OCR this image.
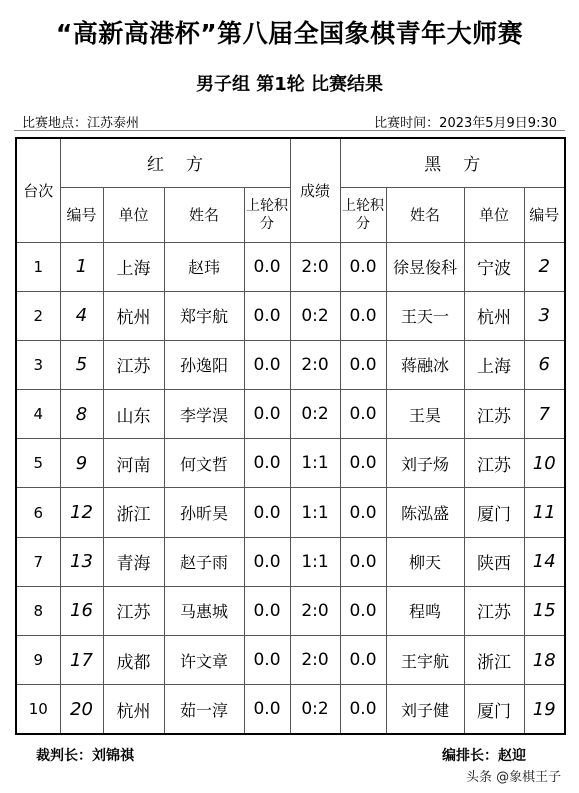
“高新高港杯”第八届全国象棋青年大师赛
男子组 第1轮 比赛结果
比赛地点：江苏泰州	比赛时间：2023年5月9日9:30
台次	红方				成绩	黑方			
	编号	单位	姓名	上轮积分		上轮积分	姓名	单位	编号
1	1	上海	赵玮	0.0	2:0	0.0	徐昱俊科	宁波	2
2	4	杭州	郑宇航	0.0	0:2	0.0	王天一	杭州	3
3	5	江苏	孙逸阳	0.0	2:0	0.0	蒋融冰	上海	6
4	8	山东	李学淏	0.0	0:2	0.0	王昊	江苏	7
5	9	河南	何文哲	0.0	1:1	0.0	刘子炀	江苏	10
6	12	浙江	孙昕昊	0.0	1:1	0.0	陈泓盛	厦门	11
7	13	青海	赵子雨	0.0	1:1	0.0	柳天	陕西	14
8	16	江苏	马惠城	0.0	2:0	0.0	程鸣	江苏	15
9	17	成都	许文章	0.0	2:0	0.0	王宇航	浙江	18
10	20	杭州	茹一淳	0.0	0:2	0.0	刘子健	厦门	19
裁判长：刘锦祺	编排长：赵迎
头条 @象棋王子
